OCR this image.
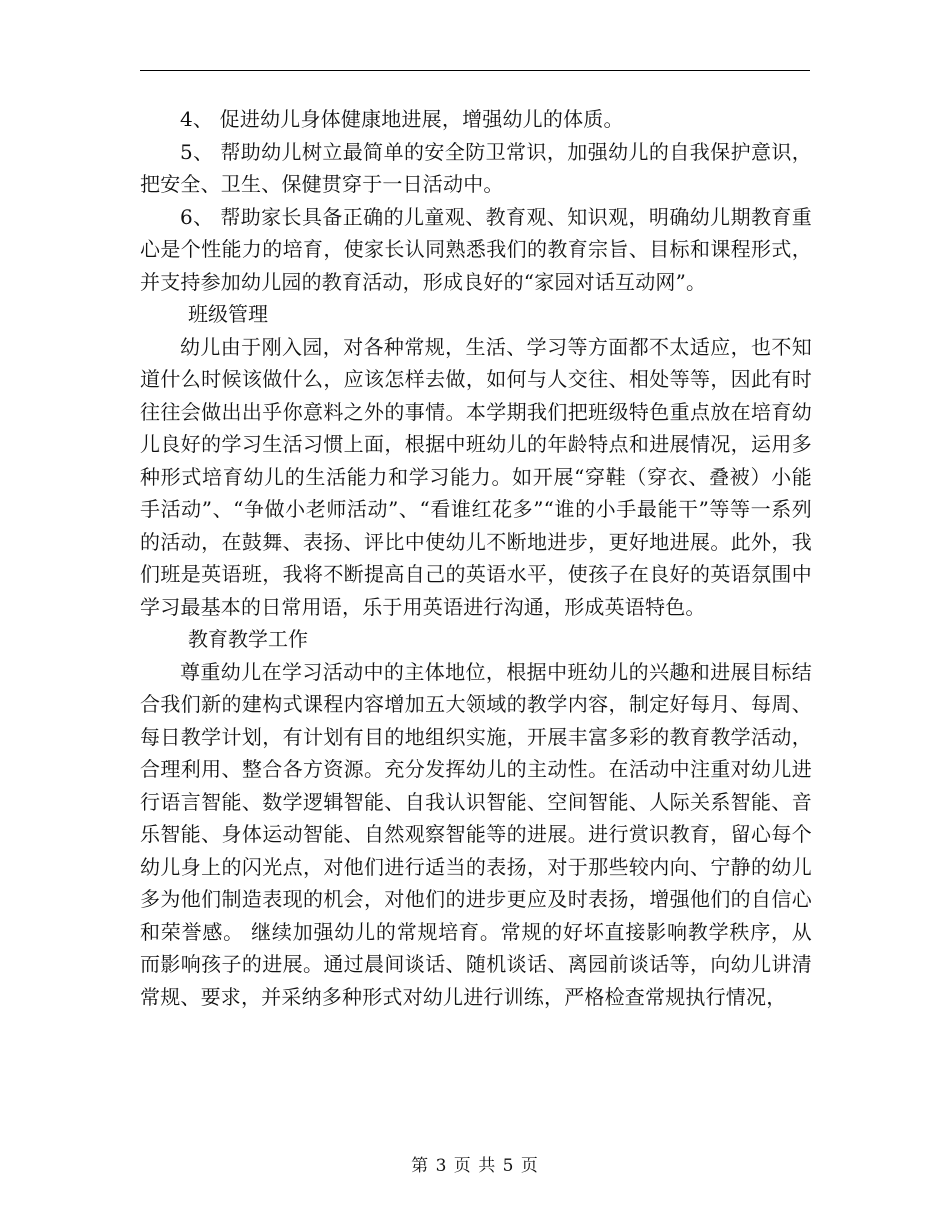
4、 促进幼儿身体健康地进展，增强幼儿的体质。

5、 帮助幼儿树立最简单的安全防卫常识，加强幼儿的自我保护意识，把安全、卫生、保健贯穿于一日活动中。

6、 帮助家长具备正确的儿童观、教育观、知识观，明确幼儿期教育重心是个性能力的培育，使家长认同熟悉我们的教育宗旨、目标和课程形式，并支持参加幼儿园的教育活动，形成良好的“家园对话互动网”。

班级管理

幼儿由于刚入园，对各种常规，生活、学习等方面都不太适应，也不知道什么时候该做什么，应该怎样去做，如何与人交往、相处等等，因此有时往往会做出出乎你意料之外的事情。本学期我们把班级特色重点放在培育幼儿良好的学习生活习惯上面，根据中班幼儿的年龄特点和进展情况，运用多种形式培育幼儿的生活能力和学习能力。如开展“穿鞋（穿衣、叠被）小能手活动”、“争做小老师活动”、“看谁红花多”“谁的小手最能干”等等一系列的活动，在鼓舞、表扬、评比中使幼儿不断地进步，更好地进展。此外，我们班是英语班，我将不断提高自己的英语水平，使孩子在良好的英语氛围中学习最基本的日常用语，乐于用英语进行沟通，形成英语特色。

教育教学工作

尊重幼儿在学习活动中的主体地位，根据中班幼儿的兴趣和进展目标结合我们新的建构式课程内容增加五大领域的教学内容，制定好每月、每周、每日教学计划，有计划有目的地组织实施，开展丰富多彩的教育教学活动，合理利用、整合各方资源。充分发挥幼儿的主动性。在活动中注重对幼儿进行语言智能、数学逻辑智能、自我认识智能、空间智能、人际关系智能、音乐智能、身体运动智能、自然观察智能等的进展。进行赏识教育，留心每个幼儿身上的闪光点，对他们进行适当的表扬，对于那些较内向、宁静的幼儿多为他们制造表现的机会，对他们的进步更应及时表扬，增强他们的自信心和荣誉感。 继续加强幼儿的常规培育。常规的好坏直接影响教学秩序，从而影响孩子的进展。通过晨间谈话、随机谈话、离园前谈话等，向幼儿讲清常规、要求，并采纳多种形式对幼儿进行训练，严格检查常规执行情况，

第 3 页 共 5 页
